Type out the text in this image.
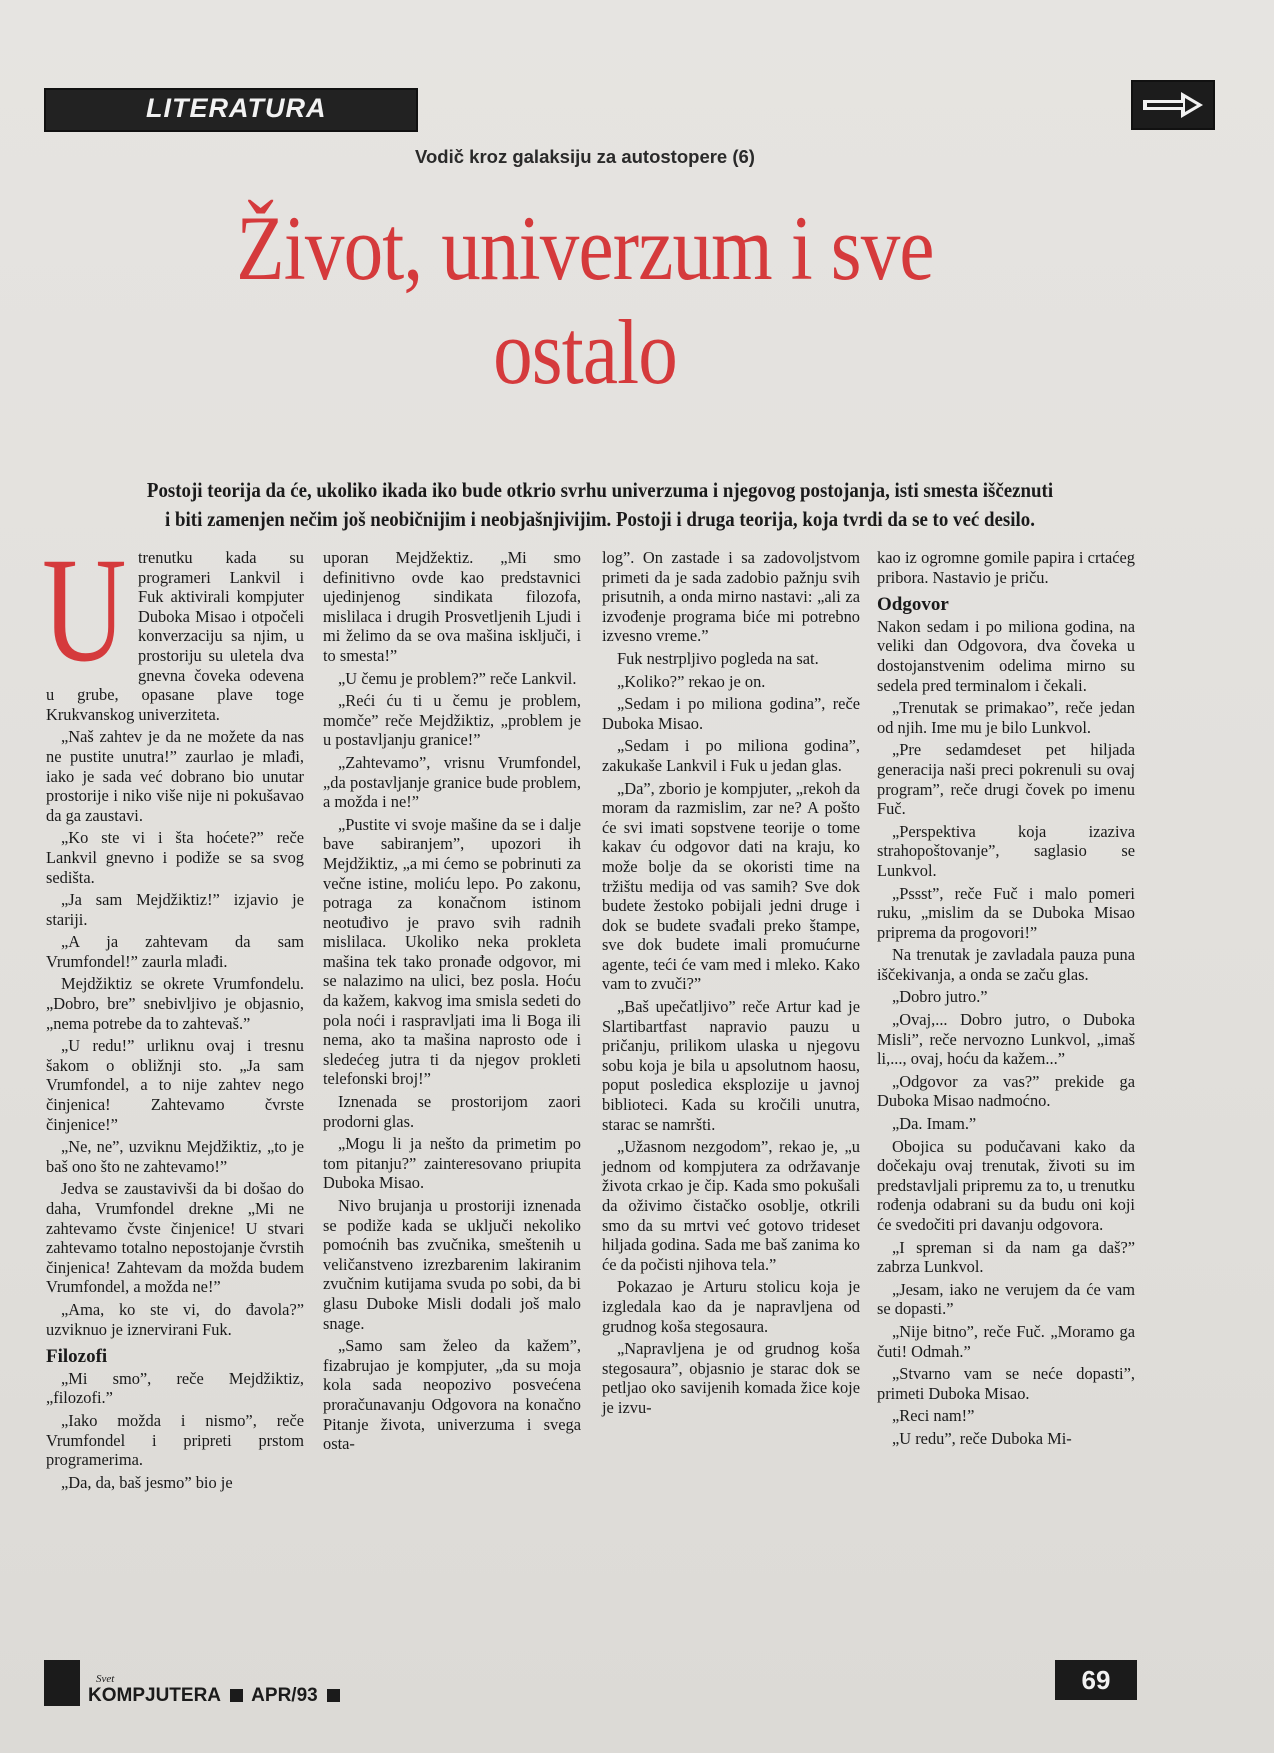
LITERATURA
Vodič kroz galaksiju za autostopere (6)
Život, univerzum i sve ostalo
Postoji teorija da će, ukoliko ikada iko bude otkrio svrhu univerzuma i njegovog postojanja, isti smesta iščeznuti i biti zamenjen nečim još neobičnijim i neobjašnjivijim. Postoji i druga teorija, koja tvrdi da se to već desilo.
U trenutku kada su programeri Lankvil i Fuk aktivirali kompjuter Duboka Misao i otpočeli konverzaciju sa njim, u prostoriju su uletela dva gnevna čoveka odevena u grube, opasane plave toge Krukvanskog univerziteta.

„Naš zahtev je da ne možete da nas ne pustite unutra!” zaurlao je mlađi, iako je sada već dobrano bio unutar prostorije i niko više nije ni pokušavao da ga zaustavi.

„Ko ste vi i šta hoćete?” reče Lankvil gnevno i podiže se sa svog sedišta.

„Ja sam Mejdžiktiz!” izjavio je stariji.

„A ja zahtevam da sam Vrumfondel!” zaurla mlađi.

Mejdžiktiz se okrete Vrumfondelu. „Dobro, bre” snebivljivo je objasnio, „nema potrebe da to zahtevaš.”

„U redu!” urliknu ovaj i tresnu šakom o obližnji sto. „Ja sam Vrumfondel, a to nije zahtev nego činjenica! Zahtevamo čvrste činjenice!”

„Ne, ne”, uzviknu Mejdžiktiz, „to je baš ono što ne zahtevamo!”

Jedva se zaustavivši da bi došao do daha, Vrumfondel drekne „Mi ne zahtevamo čvste činjenice! U stvari zahtevamo totalno nepostojanje čvrstih činjenica! Zahtevam da možda budem Vrumfondel, a možda ne!”

„Ama, ko ste vi, do đavola?” uzviknuo je iznervirani Fuk.

Filozofi

„Mi smo”, reče Mejdžiktiz, „filozofi.”

„Iako možda i nismo”, reče Vrumfondel i pripreti prstom programerima.

„Da, da, baš jesmo” bio je

uporan Mejdžektiz. „Mi smo definitivno ovde kao predstavnici ujedinjenog sindikata filozofa, mislilaca i drugih Prosvetljenih Ljudi i mi želimo da se ova mašina isključi, i to smesta!”

„U čemu je problem?” reče Lankvil.

„Reći ću ti u čemu je problem, momče” reče Mejdžiktiz, „problem je u postavljanju granice!”

„Zahtevamo”, vrisnu Vrumfondel, „da postavljanje granice bude problem, a možda i ne!”

„Pustite vi svoje mašine da se i dalje bave sabiranjem”, upozori ih Mejdžiktiz, „a mi ćemo se pobrinuti za večne istine, moliću lepo. Po zakonu, potraga za konačnom istinom neotuđivo je pravo svih radnih mislilaca. Ukoliko neka prokleta mašina tek tako pronađe odgovor, mi se nalazimo na ulici, bez posla. Hoću da kažem, kakvog ima smisla sedeti do pola noći i raspravljati ima li Boga ili nema, ako ta mašina naprosto ode i sledećeg jutra ti da njegov prokleti telefonski broj!”

Iznenada se prostorijom zaori prodorni glas.

„Mogu li ja nešto da primetim po tom pitanju?” zainteresovano priupita Duboka Misao.

Nivo brujanja u prostoriji iznenada se podiže kada se uključi nekoliko pomoćnih bas zvučnika, smeštenih u veličanstveno izrezbarenim lakiranim zvučnim kutijama svuda po sobi, da bi glasu Duboke Misli dodali još malo snage.

„Samo sam želeo da kažem”, fizabrujao je kompjuter, „da su moja kola sada neopozivo posvećena proračunavanju Odgovora na konačno Pitanje života, univerzuma i svega osta-

log”. On zastade i sa zadovoljstvom primeti da je sada zadobio pažnju svih prisutnih, a onda mirno nastavi: „ali za izvođenje programa biće mi potrebno izvesno vreme.”

Fuk nestrpljivo pogleda na sat.

„Koliko?” rekao je on.

„Sedam i po miliona godina”, reče Duboka Misao.

„Sedam i po miliona godina”, zakukaše Lankvil i Fuk u jedan glas.

„Da”, zborio je kompjuter, „rekoh da moram da razmislim, zar ne? A pošto će svi imati sopstvene teorije o tome kakav ću odgovor dati na kraju, ko može bolje da se okoristi time na tržištu medija od vas samih? Sve dok budete žestoko pobijali jedni druge i dok se budete svađali preko štampe, sve dok budete imali promućurne agente, teći će vam med i mleko. Kako vam to zvuči?”

„Baš upečatljivo” reče Artur kad je Slartibartfast napravio pauzu u pričanju, prilikom ulaska u njegovu sobu koja je bila u apsolutnom haosu, poput posledica eksplozije u javnoj biblioteci. Kada su kročili unutra, starac se namršti.

„Užasnom nezgodom”, rekao je, „u jednom od kompjutera za održavanje života crkao je čip. Kada smo pokušali da oživimo čistačko osoblje, otkrili smo da su mrtvi već gotovo trideset hiljada godina. Sada me baš zanima ko će da počisti njihova tela.”

Pokazao je Arturu stolicu koja je izgledala kao da je napravljena od grudnog koša stegosaura.

„Napravljena je od grudnog koša stegosaura”, objasnio je starac dok se petljao oko savijenih komada žice koje je izvu-

kao iz ogromne gomile papira i crtaćeg pribora. Nastavio je priču.

Odgovor

Nakon sedam i po miliona godina, na veliki dan Odgovora, dva čoveka u dostojanstvenim odelima mirno su sedela pred terminalom i čekali.

„Trenutak se primakao”, reče jedan od njih. Ime mu je bilo Lunkvol.

„Pre sedamdeset pet hiljada generacija naši preci pokrenuli su ovaj program”, reče drugi čovek po imenu Fuč.

„Perspektiva koja izaziva strahopoštovanje”, saglasio se Lunkvol.

„Pssst”, reče Fuč i malo pomeri ruku, „mislim da se Duboka Misao priprema da progovori!”

Na trenutak je zavladala pauza puna iščekivanja, a onda se začu glas.

„Dobro jutro.”

„Ovaj,... Dobro jutro, o Duboka Misli”, reče nervozno Lunkvol, „imaš li,..., ovaj, hoću da kažem...”

„Odgovor za vas?” prekide ga Duboka Misao nadmoćno.

„Da. Imam.”

Obojica su podučavani kako da dočekaju ovaj trenutak, životi su im predstavljali pripremu za to, u trenutku rođenja odabrani su da budu oni koji će svedočiti pri davanju odgovora.

„I spreman si da nam ga daš?” zabrza Lunkvol.

„Jesam, iako ne verujem da će vam se dopasti.”

„Nije bitno”, reče Fuč. „Moramo ga čuti! Odmah.”

„Stvarno vam se neće dopasti”, primeti Duboka Misao.

„Reci nam!”

„U redu”, reče Duboka Mi-

Svet
KOMPJUTERA APR/93
69
